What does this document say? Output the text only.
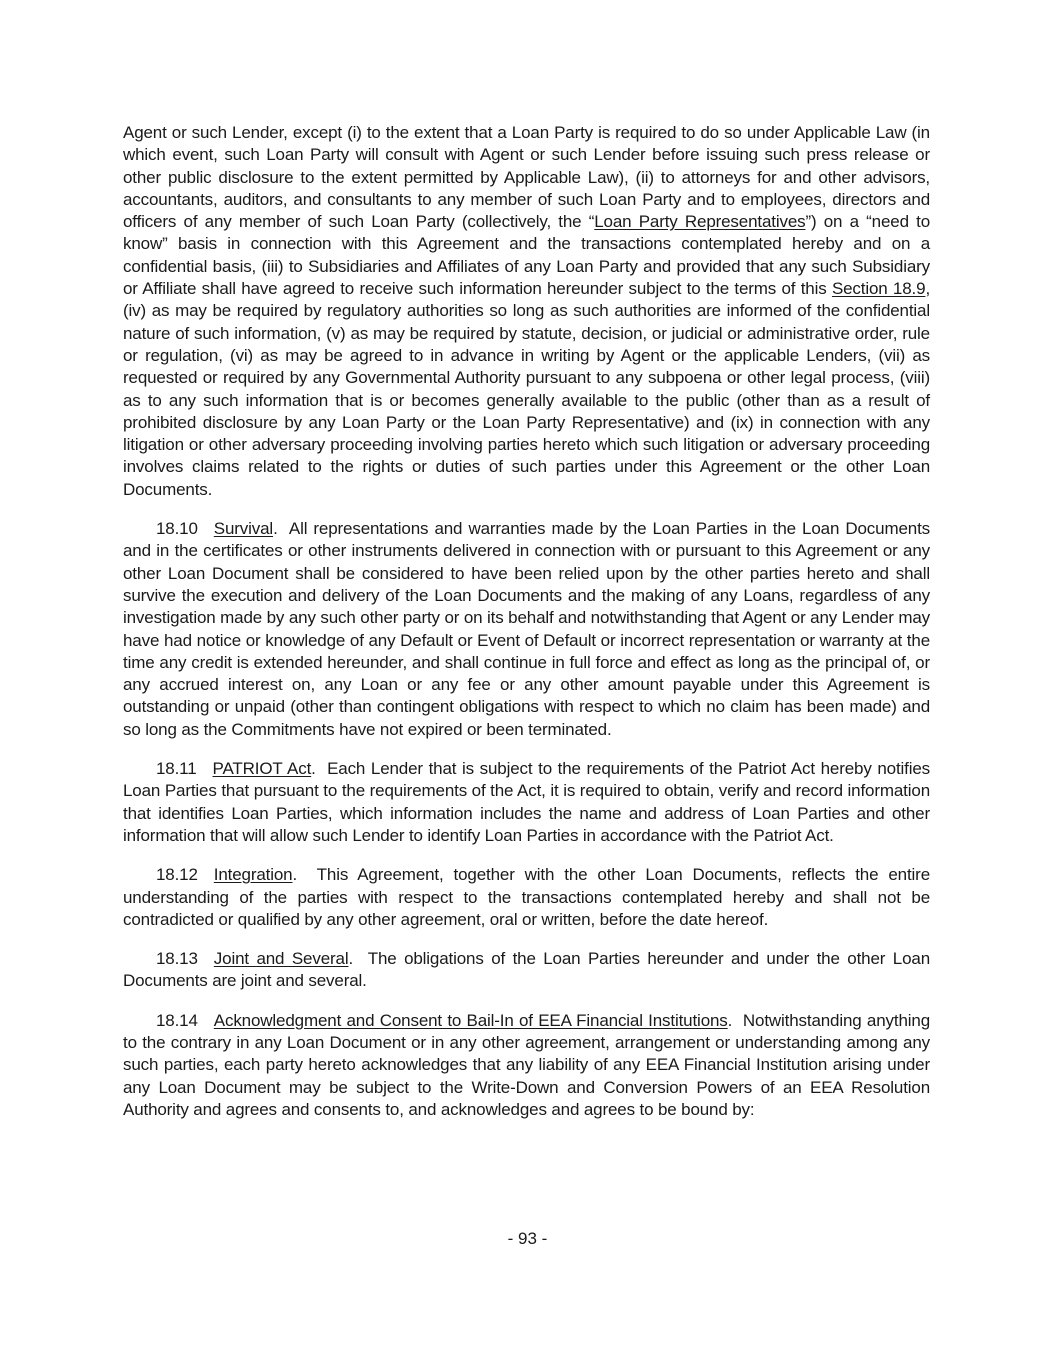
Agent or such Lender, except (i) to the extent that a Loan Party is required to do so under Applicable Law (in which event, such Loan Party will consult with Agent or such Lender before issuing such press release or other public disclosure to the extent permitted by Applicable Law), (ii) to attorneys for and other advisors, accountants, auditors, and consultants to any member of such Loan Party and to employees, directors and officers of any member of such Loan Party (collectively, the “Loan Party Representatives”) on a “need to know” basis in connection with this Agreement and the transactions contemplated hereby and on a confidential basis, (iii) to Subsidiaries and Affiliates of any Loan Party and provided that any such Subsidiary or Affiliate shall have agreed to receive such information hereunder subject to the terms of this Section 18.9, (iv) as may be required by regulatory authorities so long as such authorities are informed of the confidential nature of such information, (v) as may be required by statute, decision, or judicial or administrative order, rule or regulation, (vi) as may be agreed to in advance in writing by Agent or the applicable Lenders, (vii) as requested or required by any Governmental Authority pursuant to any subpoena or other legal process, (viii) as to any such information that is or becomes generally available to the public (other than as a result of prohibited disclosure by any Loan Party or the Loan Party Representative) and (ix) in connection with any litigation or other adversary proceeding involving parties hereto which such litigation or adversary proceeding involves claims related to the rights or duties of such parties under this Agreement or the other Loan Documents.

18.10 Survival.  All representations and warranties made by the Loan Parties in the Loan Documents and in the certificates or other instruments delivered in connection with or pursuant to this Agreement or any other Loan Document shall be considered to have been relied upon by the other parties hereto and shall survive the execution and delivery of the Loan Documents and the making of any Loans, regardless of any investigation made by any such other party or on its behalf and notwithstanding that Agent or any Lender may have had notice or knowledge of any Default or Event of Default or incorrect representation or warranty at the time any credit is extended hereunder, and shall continue in full force and effect as long as the principal of, or any accrued interest on, any Loan or any fee or any other amount payable under this Agreement is outstanding or unpaid (other than contingent obligations with respect to which no claim has been made) and so long as the Commitments have not expired or been terminated.

18.11 PATRIOT Act.  Each Lender that is subject to the requirements of the Patriot Act hereby notifies Loan Parties that pursuant to the requirements of the Act, it is required to obtain, verify and record information that identifies Loan Parties, which information includes the name and address of Loan Parties and other information that will allow such Lender to identify Loan Parties in accordance with the Patriot Act.

18.12 Integration.  This Agreement, together with the other Loan Documents, reflects the entire understanding of the parties with respect to the transactions contemplated hereby and shall not be contradicted or qualified by any other agreement, oral or written, before the date hereof.

18.13 Joint and Several.  The obligations of the Loan Parties hereunder and under the other Loan Documents are joint and several.

18.14 Acknowledgment and Consent to Bail-In of EEA Financial Institutions.  Notwithstanding anything to the contrary in any Loan Document or in any other agreement, arrangement or understanding among any such parties, each party hereto acknowledges that any liability of any EEA Financial Institution arising under any Loan Document may be subject to the Write-Down and Conversion Powers of an EEA Resolution Authority and agrees and consents to, and acknowledges and agrees to be bound by:

- 93 -
